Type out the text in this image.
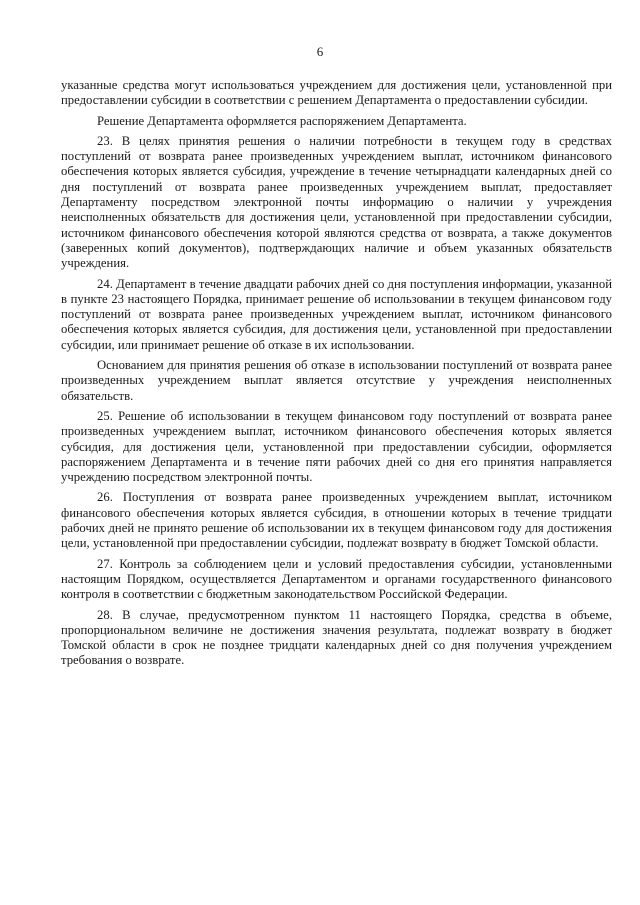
6

указанные средства могут использоваться учреждением для достижения цели, установленной при предоставлении субсидии в соответствии с решением Департамента о предоставлении субсидии.

Решение Департамента оформляется распоряжением Департамента.

23. В целях принятия решения о наличии потребности в текущем году в средствах поступлений от возврата ранее произведенных учреждением выплат, источником финансового обеспечения которых является субсидия, учреждение в течение четырнадцати календарных дней со дня поступлений от возврата ранее произведенных учреждением выплат, предоставляет Департаменту посредством электронной почты информацию о наличии у учреждения неисполненных обязательств для достижения цели, установленной при предоставлении субсидии, источником финансового обеспечения которой являются средства от возврата, а также документов (заверенных копий документов), подтверждающих наличие и объем указанных обязательств учреждения.

24. Департамент в течение двадцати рабочих дней со дня поступления информации, указанной в пункте 23 настоящего Порядка, принимает решение об использовании в текущем финансовом году поступлений от возврата ранее произведенных учреждением выплат, источником финансового обеспечения которых является субсидия, для достижения цели, установленной при предоставлении субсидии, или принимает решение об отказе в их использовании.

Основанием для принятия решения об отказе в использовании поступлений от возврата ранее произведенных учреждением выплат является отсутствие у учреждения неисполненных обязательств.

25. Решение об использовании в текущем финансовом году поступлений от возврата ранее произведенных учреждением выплат, источником финансового обеспечения которых является субсидия, для достижения цели, установленной при предоставлении субсидии, оформляется распоряжением Департамента и в течение пяти рабочих дней со дня его принятия направляется учреждению посредством электронной почты.

26. Поступления от возврата ранее произведенных учреждением выплат, источником финансового обеспечения которых является субсидия, в отношении которых в течение тридцати рабочих дней не принято решение об использовании их в текущем финансовом году для достижения цели, установленной при предоставлении субсидии, подлежат возврату в бюджет Томской области.

27. Контроль за соблюдением цели и условий предоставления субсидии, установленными настоящим Порядком, осуществляется Департаментом и органами государственного финансового контроля в соответствии с бюджетным законодательством Российской Федерации.

28. В случае, предусмотренном пунктом 11 настоящего Порядка, средства в объеме, пропорциональном величине не достижения значения результата, подлежат возврату в бюджет Томской области в срок не позднее тридцати календарных дней со дня получения учреждением требования о возврате.
